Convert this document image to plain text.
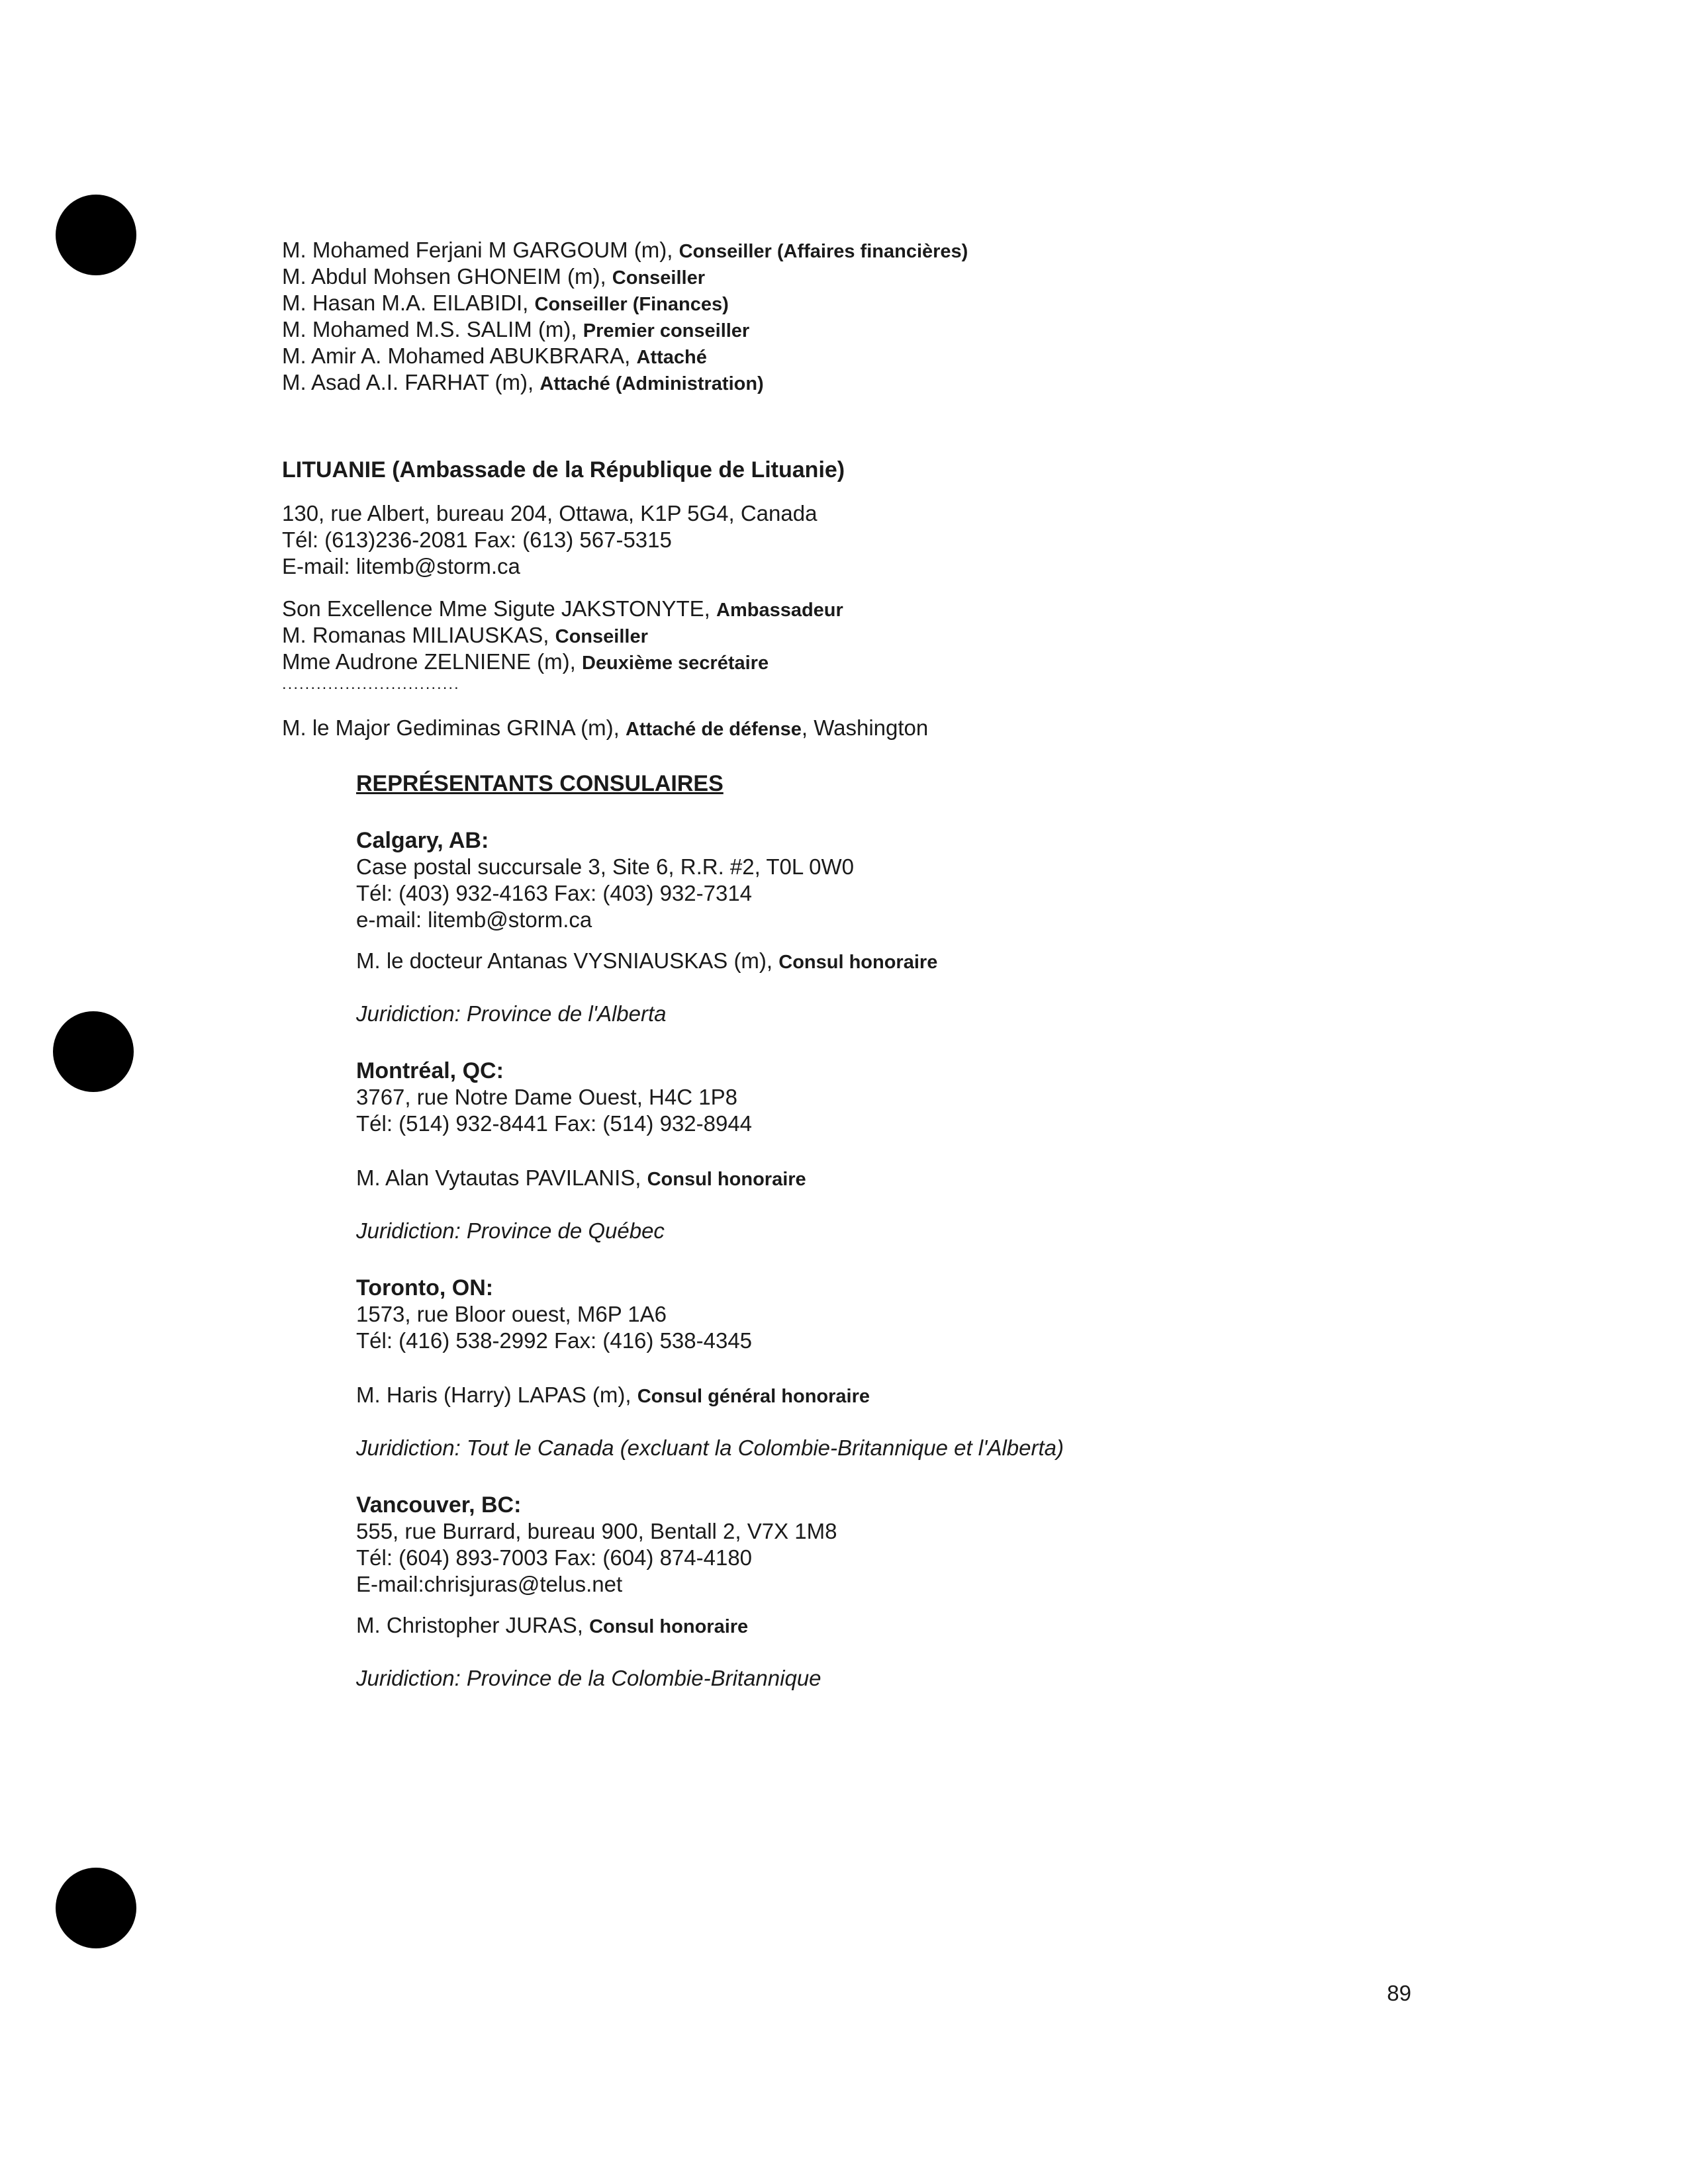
M. Mohamed Ferjani M GARGOUM (m), Conseiller (Affaires financières)
M. Abdul Mohsen GHONEIM (m), Conseiller
M. Hasan M.A. EILABIDI, Conseiller (Finances)
M. Mohamed M.S. SALIM (m), Premier conseiller
M. Amir A. Mohamed ABUKBRARA, Attaché
M. Asad A.I. FARHAT (m), Attaché (Administration)
LITUANIE (Ambassade de la République de Lituanie)
130, rue Albert, bureau 204, Ottawa, K1P 5G4, Canada
Tél: (613)236-2081 Fax: (613) 567-5315
E-mail: litemb@storm.ca
Son Excellence Mme Sigute JAKSTONYTE, Ambassadeur
M. Romanas MILIAUSKAS, Conseiller
Mme Audrone ZELNIENE (m), Deuxième secrétaire
...............................
M. le Major Gediminas GRINA (m), Attaché de défense, Washington
REPRÉSENTANTS CONSULAIRES
Calgary, AB:
Case postal succursale 3, Site 6, R.R. #2, T0L 0W0
Tél: (403) 932-4163 Fax: (403) 932-7314
e-mail: litemb@storm.ca
M. le docteur Antanas VYSNIAUSKAS (m), Consul honoraire
Juridiction: Province de l'Alberta
Montréal, QC:
3767, rue Notre Dame Ouest, H4C 1P8
Tél: (514) 932-8441 Fax: (514) 932-8944
M. Alan Vytautas PAVILANIS, Consul honoraire
Juridiction: Province de Québec
Toronto, ON:
1573, rue Bloor ouest, M6P 1A6
Tél: (416) 538-2992 Fax: (416) 538-4345
M. Haris (Harry) LAPAS (m), Consul général honoraire
Juridiction: Tout le Canada (excluant la Colombie-Britannique et l'Alberta)
Vancouver, BC:
555, rue Burrard, bureau 900, Bentall 2, V7X 1M8
Tél: (604) 893-7003 Fax: (604) 874-4180
E-mail:chrisjuras@telus.net
M. Christopher JURAS, Consul honoraire
Juridiction: Province de la Colombie-Britannique
89
